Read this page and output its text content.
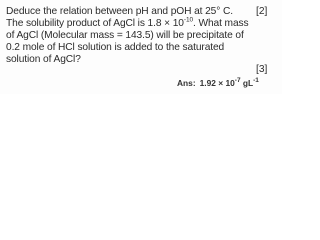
Deduce the relation between pH and pOH at 25° C. [2]
The solubility product of AgCl is $1.8 \times 10^{-10}$. What mass
of AgCl (Molecular mass = 143.5) will be precipitate of
0.2 mole of HCl solution is added to the saturated
solution of AgCl?
[3]
Ans: $1.92 \times 10^{-7}$ $gL^{-1}$
